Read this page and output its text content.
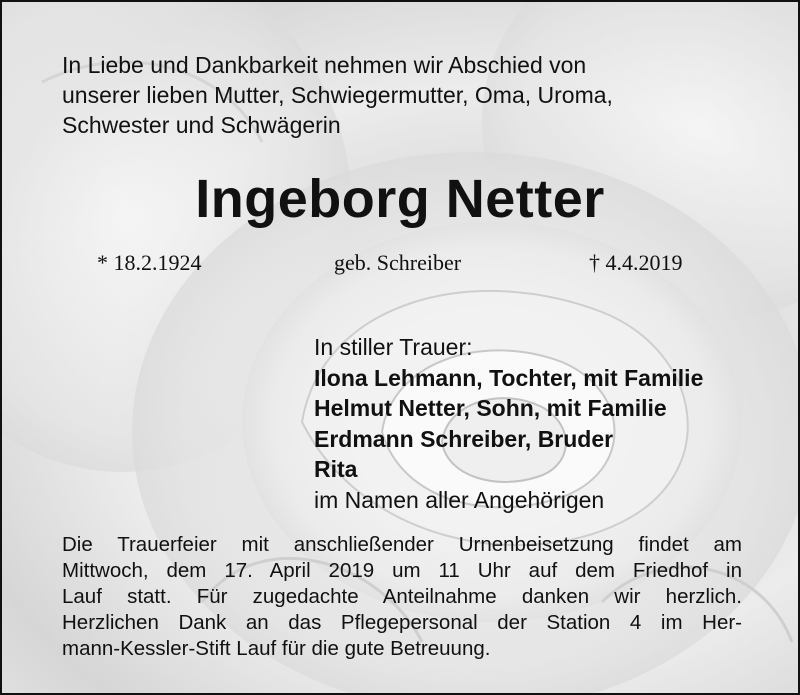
In Liebe und Dankbarkeit nehmen wir Abschied von
unserer lieben Mutter, Schwiegermutter, Oma, Uroma,
Schwester und Schwägerin
Ingeborg Netter
* 18.2.1924	geb. Schreiber	† 4.4.2019
In stiller Trauer:
Ilona Lehmann, Tochter, mit Familie
Helmut Netter, Sohn, mit Familie
Erdmann Schreiber, Bruder
Rita
im Namen aller Angehörigen
Die Trauerfeier mit anschließender Urnenbeisetzung findet am
Mittwoch, dem 17. April 2019 um 11 Uhr auf dem Friedhof in
Lauf statt. Für zugedachte Anteilnahme danken wir herzlich.
Herzlichen Dank an das Pflegepersonal der Station 4 im Her-
mann-Kessler-Stift Lauf für die gute Betreuung.
